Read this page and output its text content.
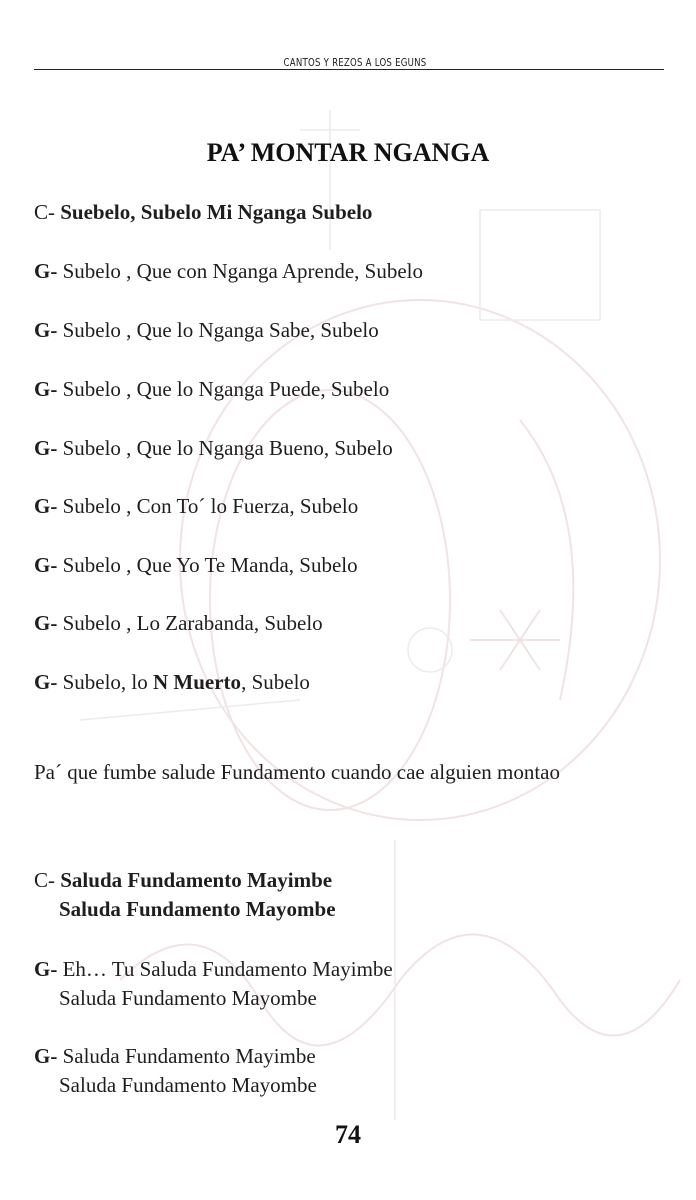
CANTOS Y REZOS A LOS EGUNS
PA’ MONTAR NGANGA
C- Suebelo, Subelo Mi Nganga Subelo
G- Subelo , Que con Nganga Aprende, Subelo
G- Subelo , Que lo Nganga Sabe, Subelo
G- Subelo , Que lo Nganga Puede, Subelo
G- Subelo , Que lo Nganga Bueno, Subelo
G- Subelo , Con To´ lo Fuerza, Subelo
G- Subelo , Que Yo Te Manda, Subelo
G- Subelo , Lo Zarabanda, Subelo
G- Subelo, lo N Muerto, Subelo
Pa´ que fumbe salude Fundamento cuando cae alguien montao
C- Saluda Fundamento Mayimbe
Saluda Fundamento Mayombe
G- Eh… Tu Saluda Fundamento Mayimbe
Saluda Fundamento Mayombe
G- Saluda Fundamento Mayimbe
Saluda Fundamento Mayombe
74
